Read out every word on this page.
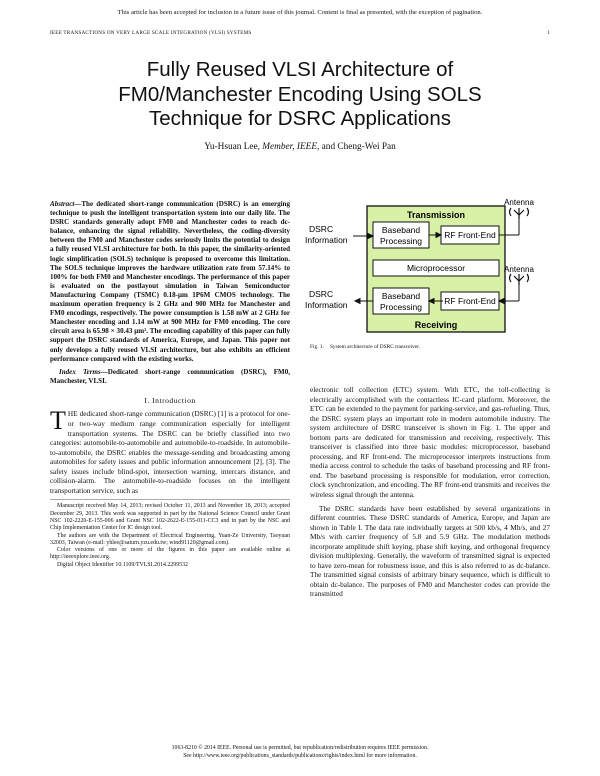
This article has been accepted for inclusion in a future issue of this journal. Content is final as presented, with the exception of pagination.
IEEE TRANSACTIONS ON VERY LARGE SCALE INTEGRATION (VLSI) SYSTEMS	1
Fully Reused VLSI Architecture of
FM0/Manchester Encoding Using SOLS
Technique for DSRC Applications
Yu-Hsuan Lee, Member, IEEE, and Cheng-Wei Pan

Abstract—The dedicated short-range communication (DSRC) is an emerging technique to push the intelligent transportation system into our daily life. The DSRC standards generally adopt FM0 and Manchester codes to reach dc-balance, enhancing the signal reliability. Nevertheless, the coding-diversity between the FM0 and Manchester codes seriously limits the potential to design a fully reused VLSI architecture for both. In this paper, the similarity-oriented logic simplification (SOLS) technique is proposed to overcome this limitation. The SOLS technique improves the hardware utilization rate from 57.14% to 100% for both FM0 and Manchester encodings. The performance of this paper is evaluated on the postlayout simulation in Taiwan Semiconductor Manufacturing Company (TSMC) 0.18-μm 1P6M CMOS technology. The maximum operation frequency is 2 GHz and 900 MHz for Manchester and FM0 encodings, respectively. The power consumption is 1.58 mW at 2 GHz for Manchester encoding and 1.14 mW at 900 MHz for FM0 encoding. The core circuit area is 65.98 × 30.43 μm². The encoding capability of this paper can fully support the DSRC standards of America, Europe, and Japan. This paper not only develops a fully reused VLSI architecture, but also exhibits an efficient performance compared with the existing works.

Index Terms—Dedicated short-range communication (DSRC), FM0, Manchester, VLSI.

I. Introduction

THE dedicated short-range communication (DSRC) [1] is a protocol for one- or two-way medium range communication especially for intelligent transportation systems. The DSRC can be briefly classified into two categories: automobile-to-automobile and automobile-to-roadside. In automobile-to-automobile, the DSRC enables the message-sending and broadcasting among automobiles for safety issues and public information announcement [2], [3]. The safety issues include blind-spot, intersection warning, intercars distance, and collision-alarm. The automobile-to-roadside focuses on the intelligent transportation service, such as

Manuscript received May 14, 2013; revised October 11, 2013 and November 18, 2013; accepted December 29, 2013. This work was supported in part by the National Science Council under Grant NSC 102-2220-E-155-006 and Grant NSC 102-2622-E-155-011-CC3 and in part by the NSC and Chip Implementation Center for IC design tool.

The authors are with the Department of Electrical Engineering, Yuan-Ze University, Taoyuan 32003, Taiwan (e-mail: yhlee@saturn.yzu.edu.tw; wind91120@gmail.com).

Color versions of one or more of the figures in this paper are available online at http://ieeexplore.ieee.org.

Digital Object Identifier 10.1109/TVLSI.2014.2299532

Transmission
Receiving
Baseband
Processing
RF Front-End
Microprocessor
Baseband
Processing
RF Front-End
DSRC
Information
DSRC
Information
Antenna
Antenna
Fig. 1. System architecture of DSRC transceiver.

electronic toll collection (ETC) system. With ETC, the toll-collecting is electrically accomplished with the contactless IC-card platform. Moreover, the ETC can be extended to the payment for parking-service, and gas-refueling. Thus, the DSRC system plays an important role in modern automobile industry. The system architecture of DSRC transceiver is shown in Fig. 1. The upper and bottom parts are dedicated for transmission and receiving, respectively. This transceiver is classified into three basic modules: microprocessor, baseband processing, and RF front-end. The microprocessor interprets instructions from media access control to schedule the tasks of baseband processing and RF front-end. The baseband processing is responsible for modulation, error correction, clock synchronization, and encoding. The RF front-end transmits and receives the wireless signal through the antenna.

The DSRC standards have been established by several organizations in different countries. These DSRC standards of America, Europe, and Japan are shown in Table I. The data rate individually targets at 500 kb/s, 4 Mb/s, and 27 Mb/s with carrier frequency of 5.8 and 5.9 GHz. The modulation methods incorporate amplitude shift keying, phase shift keying, and orthogonal frequency division multiplexing. Generally, the waveform of transmitted signal is expected to have zero-mean for robustness issue, and this is also referred to as dc-balance. The transmitted signal consists of arbitrary binary sequence, which is difficult to obtain dc-balance. The purposes of FM0 and Manchester codes can provide the transmitted

1063-8210 © 2014 IEEE. Personal use is permitted, but republication/redistribution requires IEEE permission.
See http://www.ieee.org/publications_standards/publications/rights/index.html for more information.
